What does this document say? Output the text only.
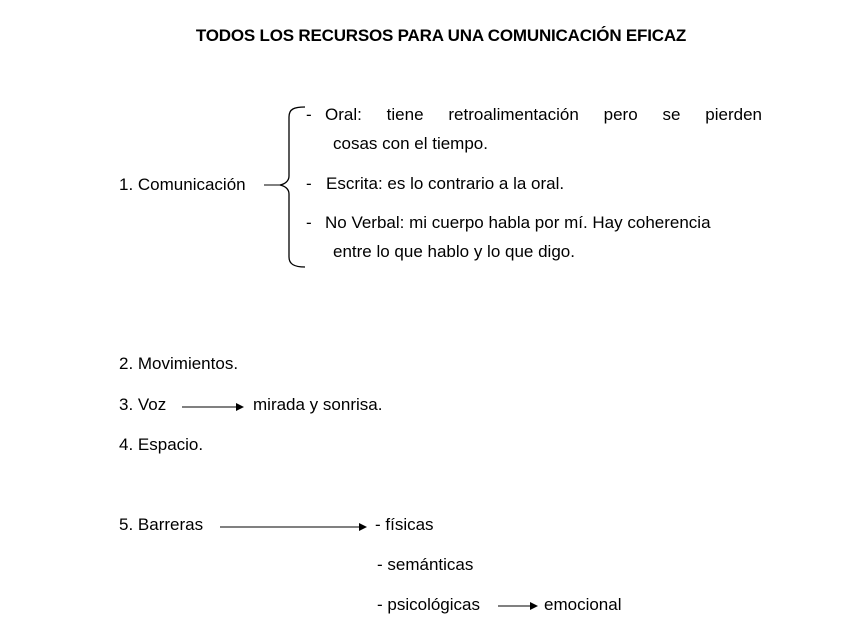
TODOS LOS RECURSOS PARA UNA COMUNICACIÓN EFICAZ
1. Comunicación
- Oral: tiene retroalimentación pero se pierden
cosas con el tiempo.
- Escrita: es lo contrario a la oral.
- No Verbal: mi cuerpo habla por mí. Hay coherencia
entre lo que hablo y lo que digo.
2. Movimientos.
3. Voz	mirada y sonrisa.
4. Espacio.
5. Barreras	- físicas
- semánticas
- psicológicas	emocional
